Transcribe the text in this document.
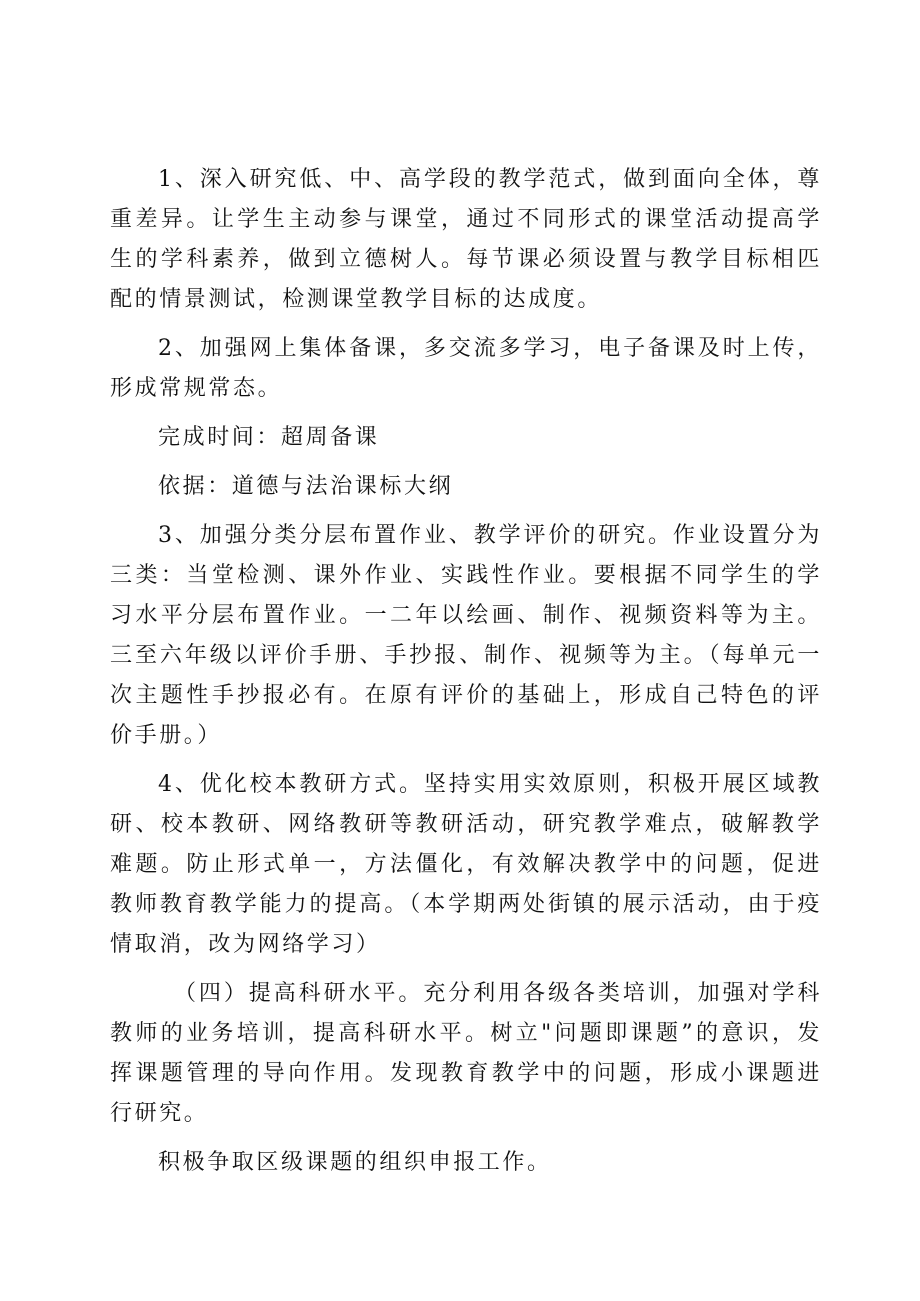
1、深入研究低、中、高学段的教学范式，做到面向全体，尊重差异。让学生主动参与课堂，通过不同形式的课堂活动提高学生的学科素养，做到立德树人。每节课必须设置与教学目标相匹配的情景测试，检测课堂教学目标的达成度。

2、加强网上集体备课，多交流多学习，电子备课及时上传，形成常规常态。

完成时间：超周备课

依据：道德与法治课标大纲

3、加强分类分层布置作业、教学评价的研究。作业设置分为三类：当堂检测、课外作业、实践性作业。要根据不同学生的学习水平分层布置作业。一二年以绘画、制作、视频资料等为主。三至六年级以评价手册、手抄报、制作、视频等为主。（每单元一次主题性手抄报必有。在原有评价的基础上，形成自己特色的评价手册。）

4、优化校本教研方式。坚持实用实效原则，积极开展区域教研、校本教研、网络教研等教研活动，研究教学难点，破解教学难题。防止形式单一，方法僵化，有效解决教学中的问题，促进教师教育教学能力的提高。（本学期两处街镇的展示活动，由于疫情取消，改为网络学习）

（四）提高科研水平。充分利用各级各类培训，加强对学科教师的业务培训，提高科研水平。树立"问题即课题”的意识，发挥课题管理的导向作用。发现教育教学中的问题，形成小课题进行研究。

积极争取区级课题的组织申报工作。
